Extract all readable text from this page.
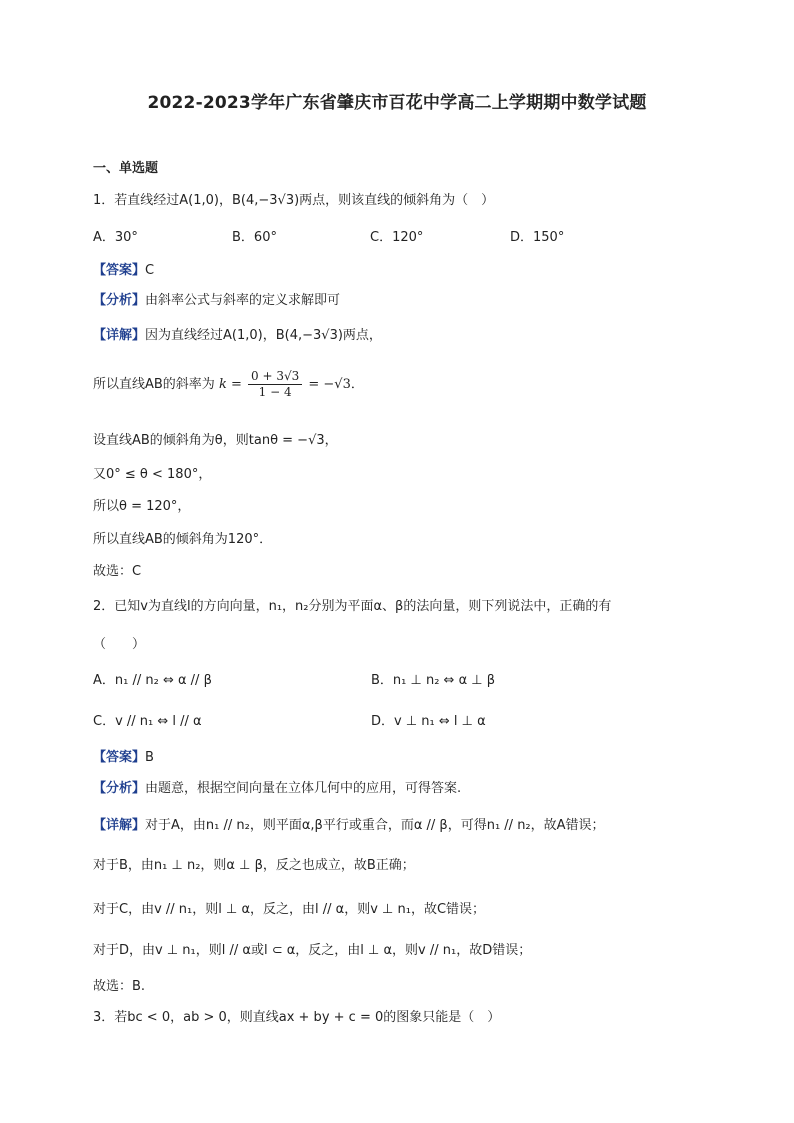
2022-2023学年广东省肇庆市百花中学高二上学期期中数学试题
一、单选题
1．若直线经过A(1,0)，B(4,−3√3)两点，则该直线的倾斜角为（　）
A．30°	B．60°	C．120°	D．150°
【答案】C
【分析】由斜率公式与斜率的定义求解即可
【详解】因为直线经过A(1,0)，B(4,−3√3)两点，
所以直线AB的斜率为 $k = \frac{0 + 3√3}{1 - 4} = -√3$．
设直线AB的倾斜角为θ，则tanθ = −√3，
又0° ≤ θ < 180°，
所以θ = 120°，
所以直线AB的倾斜角为120°．
故选：C
2．已知v为直线l的方向向量，n₁，n₂分别为平面α、β的法向量，则下列说法中，正确的有
（　　）
A．n₁ // n₂ ⇔ α // β	B．n₁ ⊥ n₂ ⇔ α ⊥ β
C．v // n₁ ⇔ l // α	D．v ⊥ n₁ ⇔ l ⊥ α
【答案】B
【分析】由题意，根据空间向量在立体几何中的应用，可得答案.
【详解】对于A，由n₁ // n₂，则平面α,β平行或重合，而α // β，可得n₁ // n₂，故A错误；
对于B，由n₁ ⊥ n₂，则α ⊥ β，反之也成立，故B正确；
对于C，由v // n₁，则l ⊥ α，反之，由l // α，则v ⊥ n₁，故C错误；
对于D，由v ⊥ n₁，则l // α或l ⊂ α，反之，由l ⊥ α，则v // n₁，故D错误；
故选：B.
3．若bc < 0，ab > 0，则直线ax + by + c = 0的图象只能是（　）
